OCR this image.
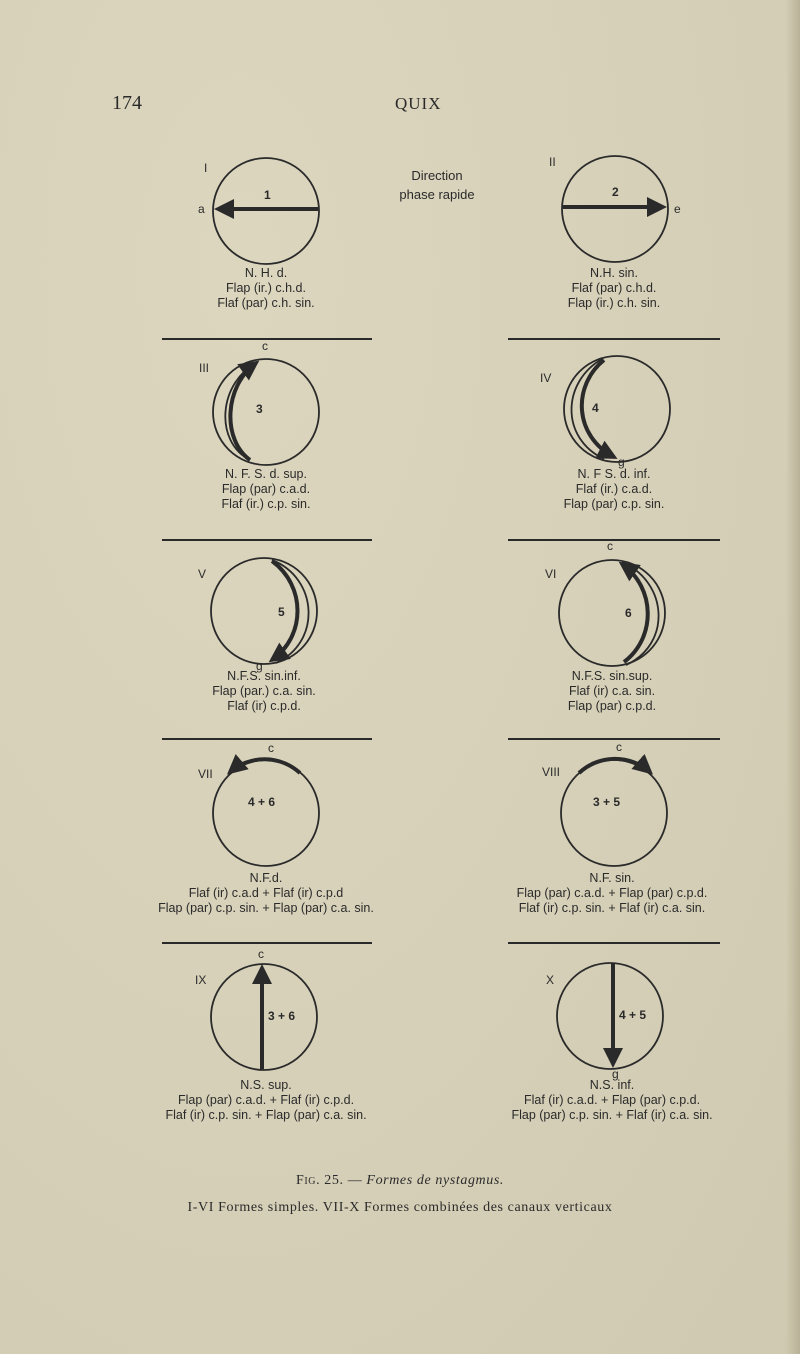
174	QUIX
Direction
phase rapide
I
a
1
II
2
e
III
c
3
IV
4
g
V
5
g
VI
c
6
VII
c
4 + 6
VIII
c
3 + 5
IX
c
3 + 6
X
4 + 5
g
N. H. d.
Flap (ir.) c.h.d.
Flaf (par) c.h. sin.
N.H. sin.
Flaf (par) c.h.d.
Flap (ir.) c.h. sin.
N. F. S. d. sup.
Flap (par) c.a.d.
Flaf (ir.) c.p. sin.
N. F S. d. inf.
Flaf (ir.) c.a.d.
Flap (par) c.p. sin.
N.F.S. sin.inf.
Flap (par.) c.a. sin.
Flaf (ir) c.p.d.
N.F.S. sin.sup.
Flaf (ir) c.a. sin.
Flap (par) c.p.d.
N.F.d.
Flaf (ir) c.a.d + Flaf (ir) c.p.d
Flap (par) c.p. sin. + Flap (par) c.a. sin.
N.F. sin.
Flap (par) c.a.d. + Flap (par) c.p.d.
Flaf (ir) c.p. sin. + Flaf (ir) c.a. sin.
N.S. sup.
Flap (par) c.a.d. + Flaf (ir) c.p.d.
Flaf (ir) c.p. sin. + Flap (par) c.a. sin.
N.S. inf.
Flaf (ir) c.a.d. + Flap (par) c.p.d.
Flap (par) c.p. sin. + Flaf (ir) c.a. sin.
Fig. 25. — Formes de nystagmus.
I-VI Formes simples. VII-X Formes combinées des canaux verticaux
